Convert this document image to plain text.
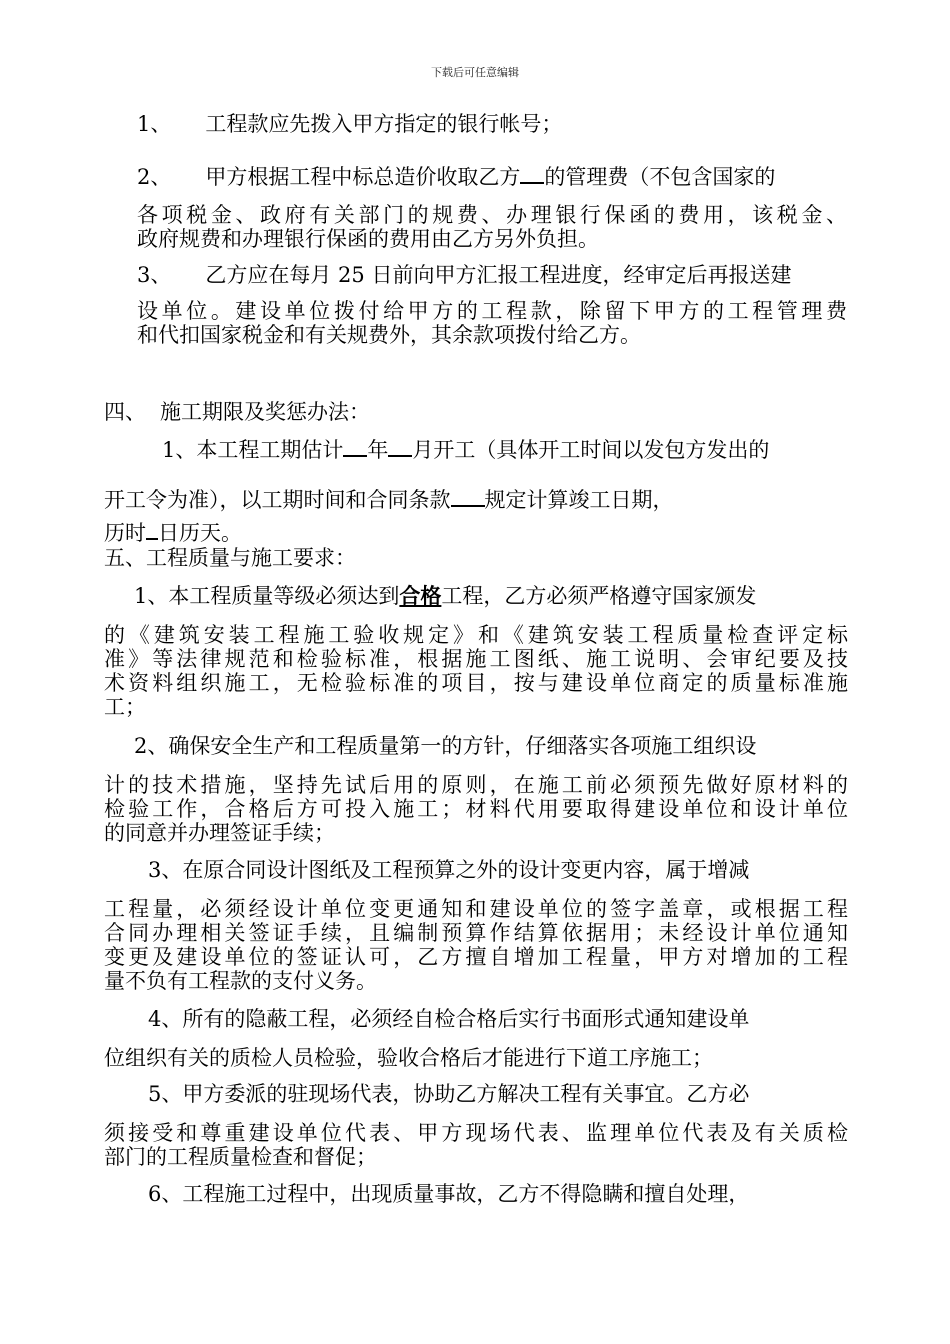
下载后可任意编辑
1、 工程款应先拨入甲方指定的银行帐号；
2、 甲方根据工程中标总造价收取乙方 的管理费（不包含国家的
各项税金、政府有关部门的规费、办理银行保函的费用，该税金、
政府规费和办理银行保函的费用由乙方另外负担。
3、 乙方应在每月 25 日前向甲方汇报工程进度，经审定后再报送建
设单位。建设单位拨付给甲方的工程款，除留下甲方的工程管理费
和代扣国家税金和有关规费外，其余款项拨付给乙方。
四、 施工期限及奖惩办法：
1、本工程工期估计 年 月开工（具体开工时间以发包方发出的
开工令为准），以工期时间和合同条款 规定计算竣工日期，
历时 日历天。
五、工程质量与施工要求：
1、本工程质量等级必须达到合格工程，乙方必须严格遵守国家颁发
的《建筑安装工程施工验收规定》和《建筑安装工程质量检查评定标
准》等法律规范和检验标准，根据施工图纸、施工说明、会审纪要及技
术资料组织施工，无检验标准的项目，按与建设单位商定的质量标准施
工；
2、确保安全生产和工程质量第一的方针，仔细落实各项施工组织设
计的技术措施，坚持先试后用的原则，在施工前必须预先做好原材料的
检验工作，合格后方可投入施工；材料代用要取得建设单位和设计单位
的同意并办理签证手续；
3、在原合同设计图纸及工程预算之外的设计变更内容，属于增减
工程量，必须经设计单位变更通知和建设单位的签字盖章，或根据工程
合同办理相关签证手续，且编制预算作结算依据用；未经设计单位通知
变更及建设单位的签证认可，乙方擅自增加工程量，甲方对增加的工程
量不负有工程款的支付义务。
4、所有的隐蔽工程，必须经自检合格后实行书面形式通知建设单
位组织有关的质检人员检验，验收合格后才能进行下道工序施工；
5、甲方委派的驻现场代表，协助乙方解决工程有关事宜。乙方必
须接受和尊重建设单位代表、甲方现场代表、监理单位代表及有关质检
部门的工程质量检查和督促；
6、工程施工过程中，出现质量事故，乙方不得隐瞒和擅自处理，
